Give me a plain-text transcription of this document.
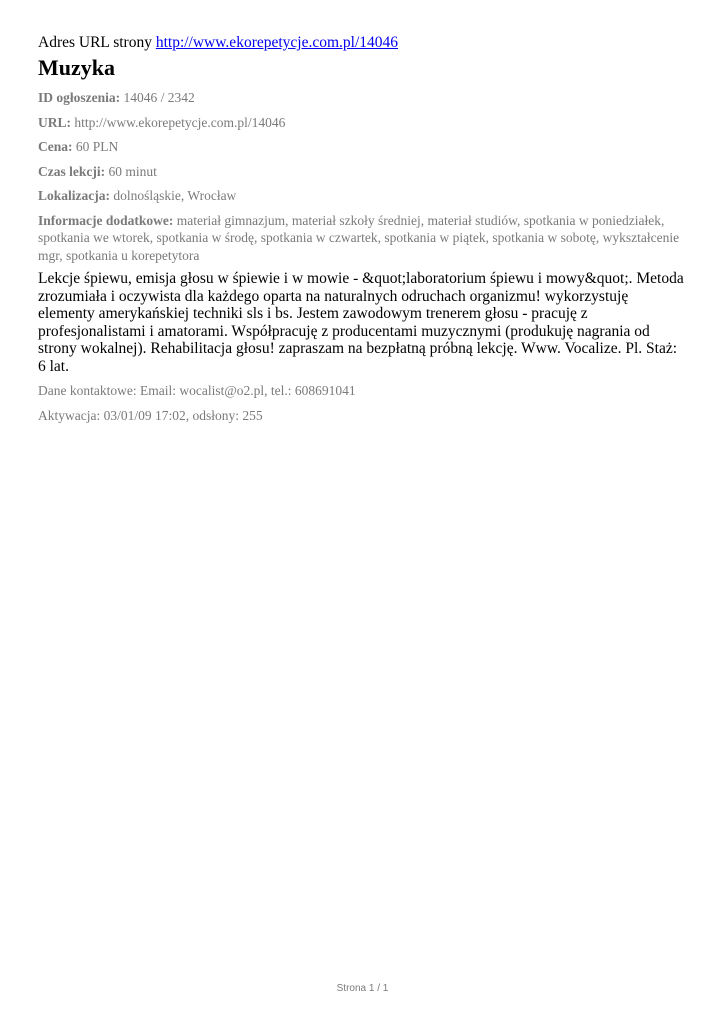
Adres URL strony http://www.ekorepetycje.com.pl/14046
Muzyka
ID ogłoszenia: 14046 / 2342
URL: http://www.ekorepetycje.com.pl/14046
Cena: 60 PLN
Czas lekcji: 60 minut
Lokalizacja: dolnośląskie, Wrocław
Informacje dodatkowe: materiał gimnazjum, materiał szkoły średniej, materiał studiów, spotkania w poniedziałek, spotkania we wtorek, spotkania w środę, spotkania w czwartek, spotkania w piątek, spotkania w sobotę, wykształcenie mgr, spotkania u korepetytora
Lekcje śpiewu, emisja głosu w śpiewie i w mowie - &quot;laboratorium śpiewu i mowy&quot;. Metoda zrozumiała i oczywista dla każdego oparta na naturalnych odruchach organizmu! wykorzystuję elementy amerykańskiej techniki sls i bs. Jestem zawodowym trenerem głosu - pracuję z profesjonalistami i amatorami. Współpracuję z producentami muzycznymi (produkuję nagrania od strony wokalnej). Rehabilitacja głosu! zapraszam na bezpłatną próbną lekcję. Www. Vocalize. Pl. Staż: 6 lat.
Dane kontaktowe: Email: wocalist@o2.pl, tel.: 608691041
Aktywacja: 03/01/09 17:02, odsłony: 255
Strona 1 / 1
